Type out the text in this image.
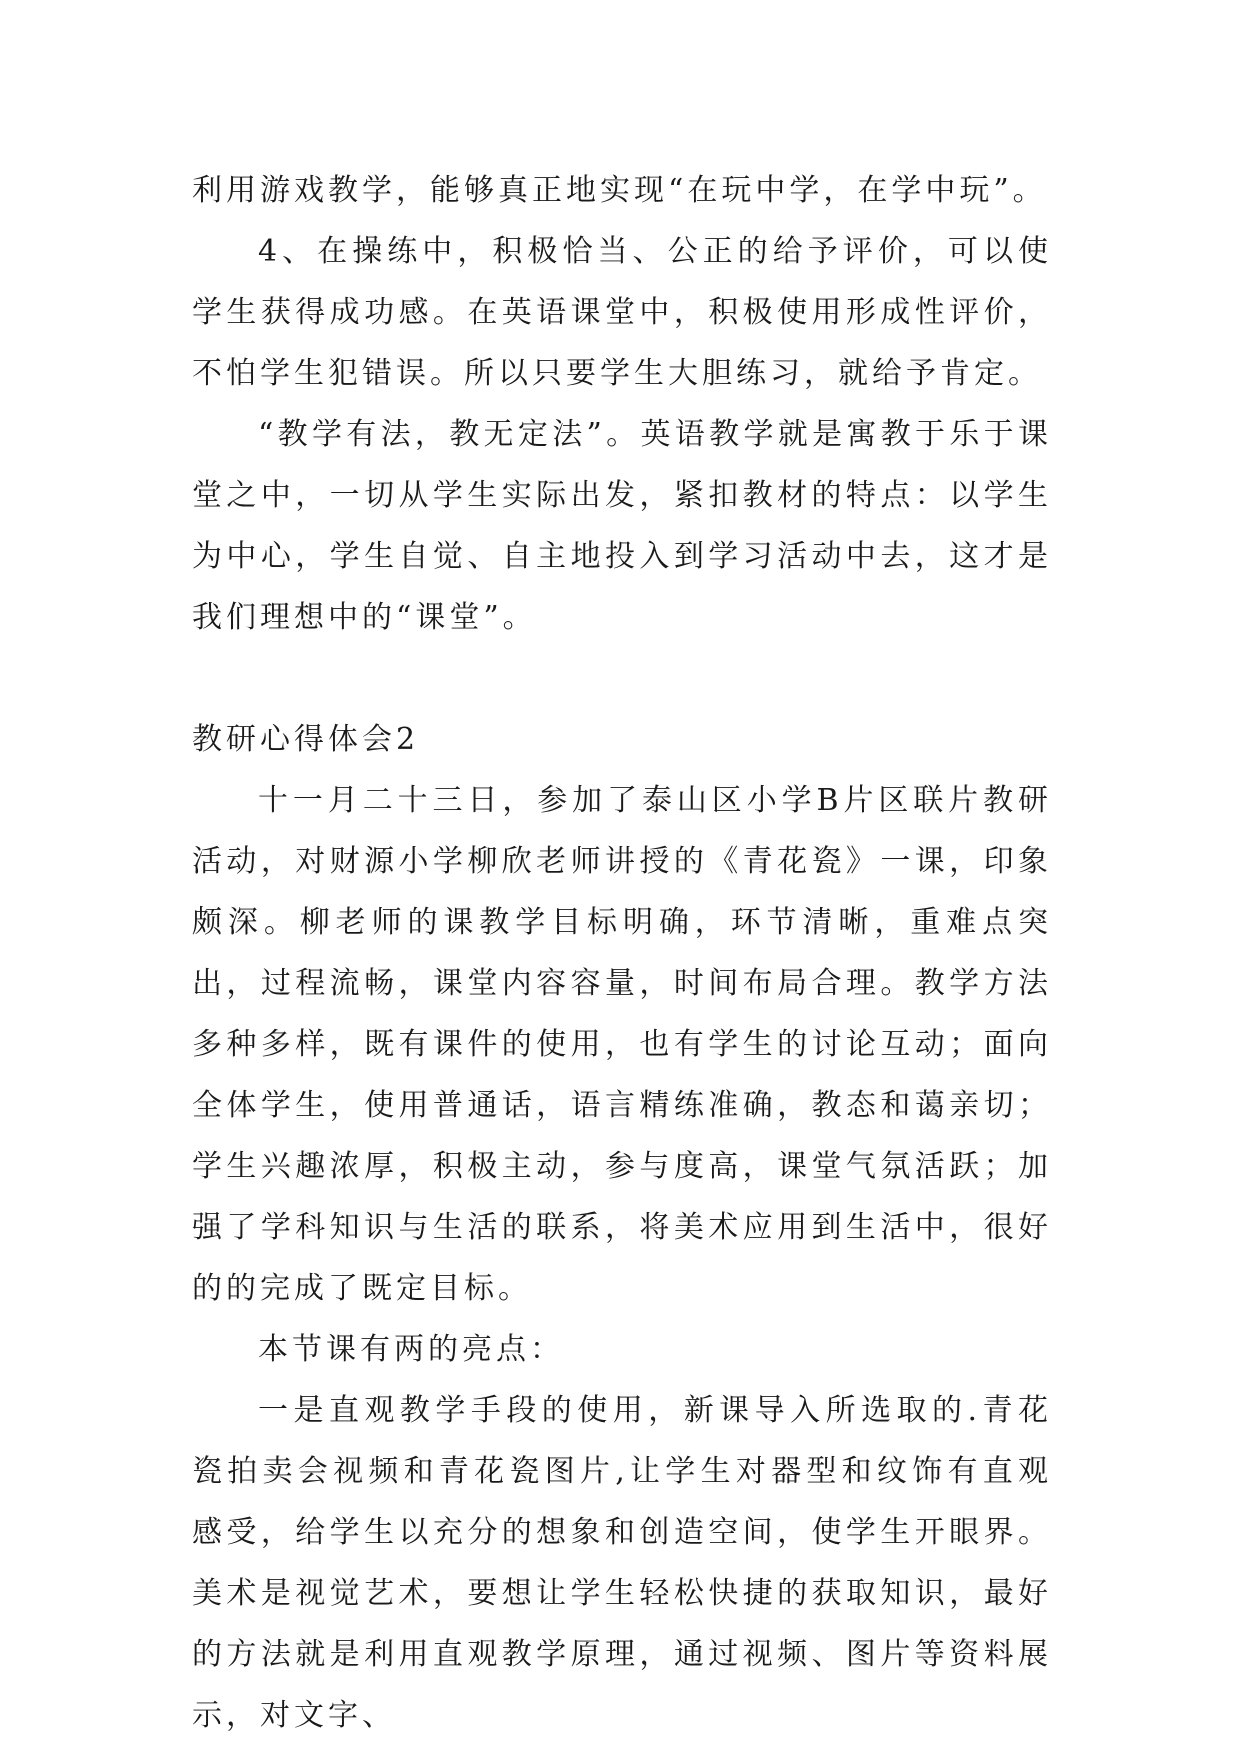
利用游戏教学，能够真正地实现“在玩中学，在学中玩”。

4、在操练中，积极恰当、公正的给予评价，可以使学生获得成功感。在英语课堂中，积极使用形成性评价，不怕学生犯错误。所以只要学生大胆练习，就给予肯定。

“教学有法，教无定法”。英语教学就是寓教于乐于课堂之中，一切从学生实际出发，紧扣教材的特点：以学生为中心，学生自觉、自主地投入到学习活动中去，这才是我们理想中的“课堂”。

教研心得体会2

十一月二十三日，参加了泰山区小学B片区联片教研活动，对财源小学柳欣老师讲授的《青花瓷》一课，印象颇深。柳老师的课教学目标明确，环节清晰，重难点突出，过程流畅，课堂内容容量，时间布局合理。教学方法多种多样，既有课件的使用，也有学生的讨论互动；面向全体学生，使用普通话，语言精练准确，教态和蔼亲切；学生兴趣浓厚，积极主动，参与度高，课堂气氛活跃；加强了学科知识与生活的联系，将美术应用到生活中，很好的的完成了既定目标。

本节课有两的亮点：

一是直观教学手段的使用，新课导入所选取的.青花瓷拍卖会视频和青花瓷图片,让学生对器型和纹饰有直观感受，给学生以充分的想象和创造空间，使学生开眼界。美术是视觉艺术，要想让学生轻松快捷的获取知识，最好的方法就是利用直观教学原理，通过视频、图片等资料展示，对文字、
